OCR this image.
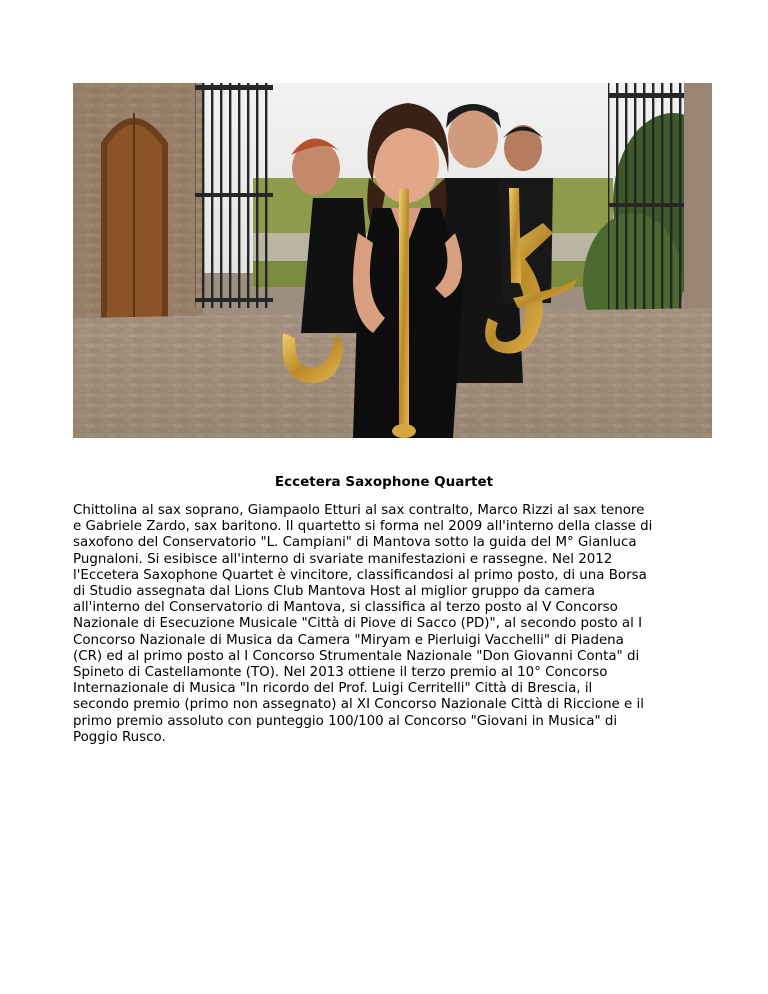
Eccetera Saxophone Quartet

Chittolina al sax soprano, Giampaolo Etturi al sax contralto, Marco Rizzi al sax tenore
e Gabriele Zardo, sax baritono. Il quartetto si forma nel 2009 all'interno della classe di
saxofono del Conservatorio "L. Campiani" di Mantova sotto la guida del M° Gianluca
Pugnaloni. Si esibisce all'interno di svariate manifestazioni e rassegne. Nel 2012
l'Eccetera Saxophone Quartet è vincitore, classificandosi al primo posto, di una Borsa
di Studio assegnata dal Lions Club Mantova Host al miglior gruppo da camera
all'interno del Conservatorio di Mantova, si classifica al terzo posto al V Concorso
Nazionale di Esecuzione Musicale "Città di Piove di Sacco (PD)", al secondo posto al I
Concorso Nazionale di Musica da Camera "Miryam e Pierluigi Vacchelli" di Piadena
(CR) ed al primo posto al I Concorso Strumentale Nazionale "Don Giovanni Conta" di
Spineto di Castellamonte (TO). Nel 2013 ottiene il terzo premio al 10° Concorso
Internazionale di Musica "In ricordo del Prof. Luigi Cerritelli" Città di Brescia, il
secondo premio (primo non assegnato) al XI Concorso Nazionale Città di Riccione e il
primo premio assoluto con punteggio 100/100 al Concorso "Giovani in Musica" di
Poggio Rusco.
